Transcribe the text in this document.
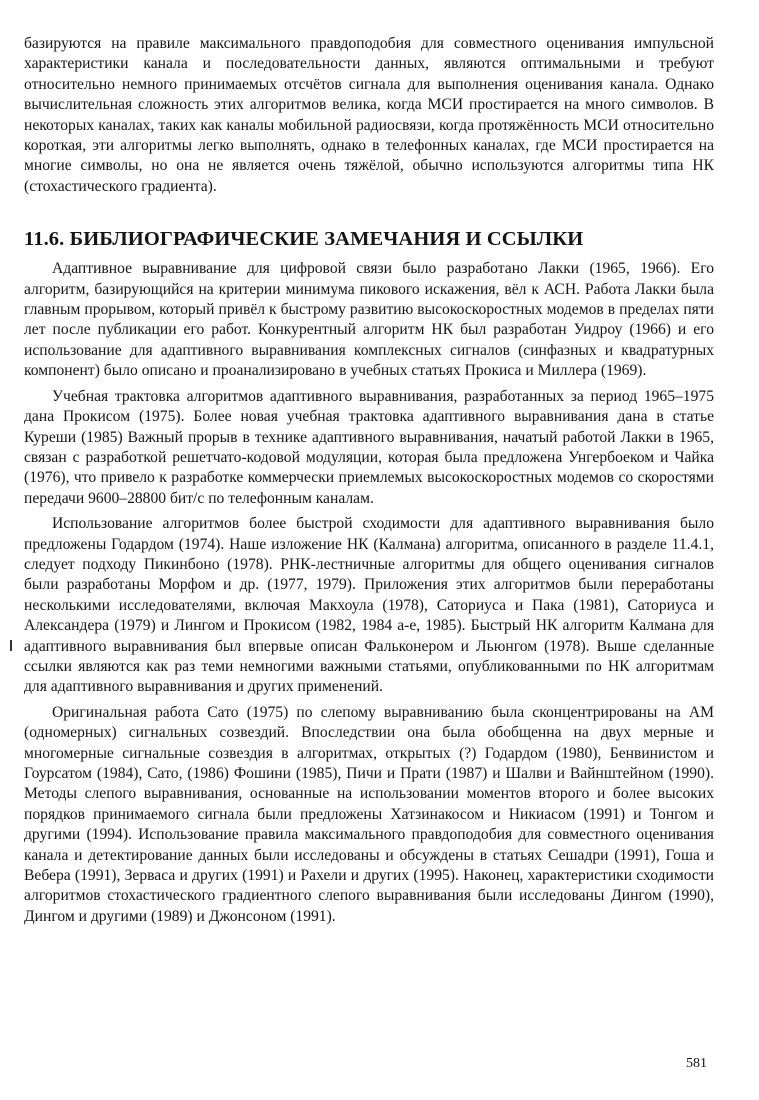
базируются на правиле максимального правдоподобия для совместного оценивания импульсной характеристики канала и последовательности данных, являются оптимальными и требуют относительно немного принимаемых отсчётов сигнала для выполнения оценивания канала. Однако вычислительная сложность этих алгоритмов велика, когда МСИ простирается на много символов. В некоторых каналах, таких как каналы мобильной радиосвязи, когда протяжённость МСИ относительно короткая, эти алгоритмы легко выполнять, однако в телефонных каналах, где МСИ простирается на многие символы, но она не является очень тяжёлой, обычно используются алгоритмы типа НК (стохастического градиента).

11.6. БИБЛИОГРАФИЧЕСКИЕ ЗАМЕЧАНИЯ И ССЫЛКИ

Адаптивное выравнивание для цифровой связи было разработано Лакки (1965, 1966). Его алгоритм, базирующийся на критерии минимума пикового искажения, вёл к АСН. Работа Лакки была главным прорывом, который привёл к быстрому развитию высокоскоростных модемов в пределах пяти лет после публикации его работ. Конкурентный алгоритм НК был разработан Уидроу (1966) и его использование для адаптивного выравнивания комплексных сигналов (синфазных и квадратурных компонент) было описано и проанализировано в учебных статьях Прокиса и Миллера (1969).

Учебная трактовка алгоритмов адаптивного выравнивания, разработанных за период 1965–1975 дана Прокисом (1975). Более новая учебная трактовка адаптивного выравнивания дана в статье Куреши (1985) Важный прорыв в технике адаптивного выравнивания, начатый работой Лакки в 1965, связан с разработкой решетчато-кодовой модуляции, которая была предложена Унгербоеком и Чайка (1976), что привело к разработке коммерчески приемлемых высокоскоростных модемов со скоростями передачи 9600–28800 бит/с по телефонным каналам.

Использование алгоритмов более быстрой сходимости для адаптивного выравнивания было предложены Годардом (1974). Наше изложение НК (Калмана) алгоритма, описанного в разделе 11.4.1, следует подходу Пикинбоно (1978). РНК-лестничные алгоритмы для общего оценивания сигналов были разработаны Морфом и др. (1977, 1979). Приложения этих алгоритмов были переработаны несколькими исследователями, включая Макхоула (1978), Саториуса и Пака (1981), Саториуса и Александера (1979) и Лингом и Прокисом (1982, 1984 а-е, 1985). Быстрый НК алгоритм Калмана для адаптивного выравнивания был впервые описан Фальконером и Льюнгом (1978). Выше сделанные ссылки являются как раз теми немногими важными статьями, опубликованными по НК алгоритмам для адаптивного выравнивания и других применений.

Оригинальная работа Сато (1975) по слепому выравниванию была сконцентрированы на АМ (одномерных) сигнальных созвездий. Впоследствии она была обобщенна на двух мерные и многомерные сигнальные созвездия в алгоритмах, открытых (?) Годардом (1980), Бенвинистом и Гоурсатом (1984), Сато, (1986) Фошини (1985), Пичи и Прати (1987) и Шалви и Вайнштейном (1990). Методы слепого выравнивания, основанные на использовании моментов второго и более высоких порядков принимаемого сигнала были предложены Хатзинакосом и Никиасом (1991) и Тонгом и другими (1994). Использование правила максимального правдоподобия для совместного оценивания канала и детектирование данных были исследованы и обсуждены в статьях Сешадри (1991), Гоша и Вебера (1991), Зерваса и других (1991) и Рахели и других (1995). Наконец, характеристики сходимости алгоритмов стохастического градиентного слепого выравнивания были исследованы Дингом (1990), Дингом и другими (1989) и Джонсоном (1991).

581
